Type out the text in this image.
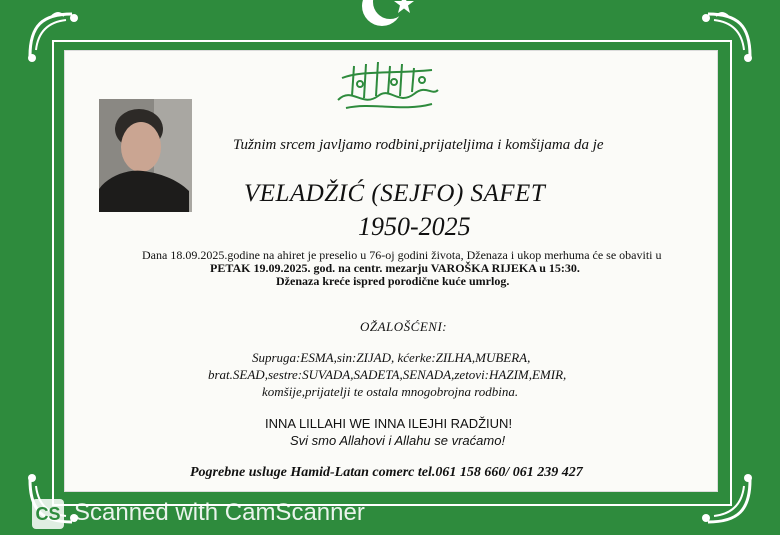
Tužnim srcem javljamo rodbini,prijateljima i komšijama da je
VELADŽIĆ (SEJFO) SAFET
1950-2025
Dana 18.09.2025.godine na ahiret je preselio u 76-oj godini života, Dženaza i ukop merhuma će se obaviti u
PETAK 19.09.2025. god. na centr. mezarju VAROŠKA RIJEKA u 15:30.
Dženaza kreće ispred porodične kuće umrlog.
OŽALOŠĆENI:
Supruga:ESMA,sin:ZIJAD, kćerke:ZILHA,MUBERA,
brat.SEAD,sestre:SUVADA,SADETA,SENADA,zetovi:HAZIM,EMIR,
komšije,prijatelji te ostala mnogobrojna rodbina.
INNA LILLAHI WE INNA ILEJHI RADŽIUN!
Svi smo Allahovi i Allahu se vraćamo!
Pogrebne usluge Hamid-Latan comerc tel.061 158 660/ 061 239 427
CS Scanned with CamScanner
